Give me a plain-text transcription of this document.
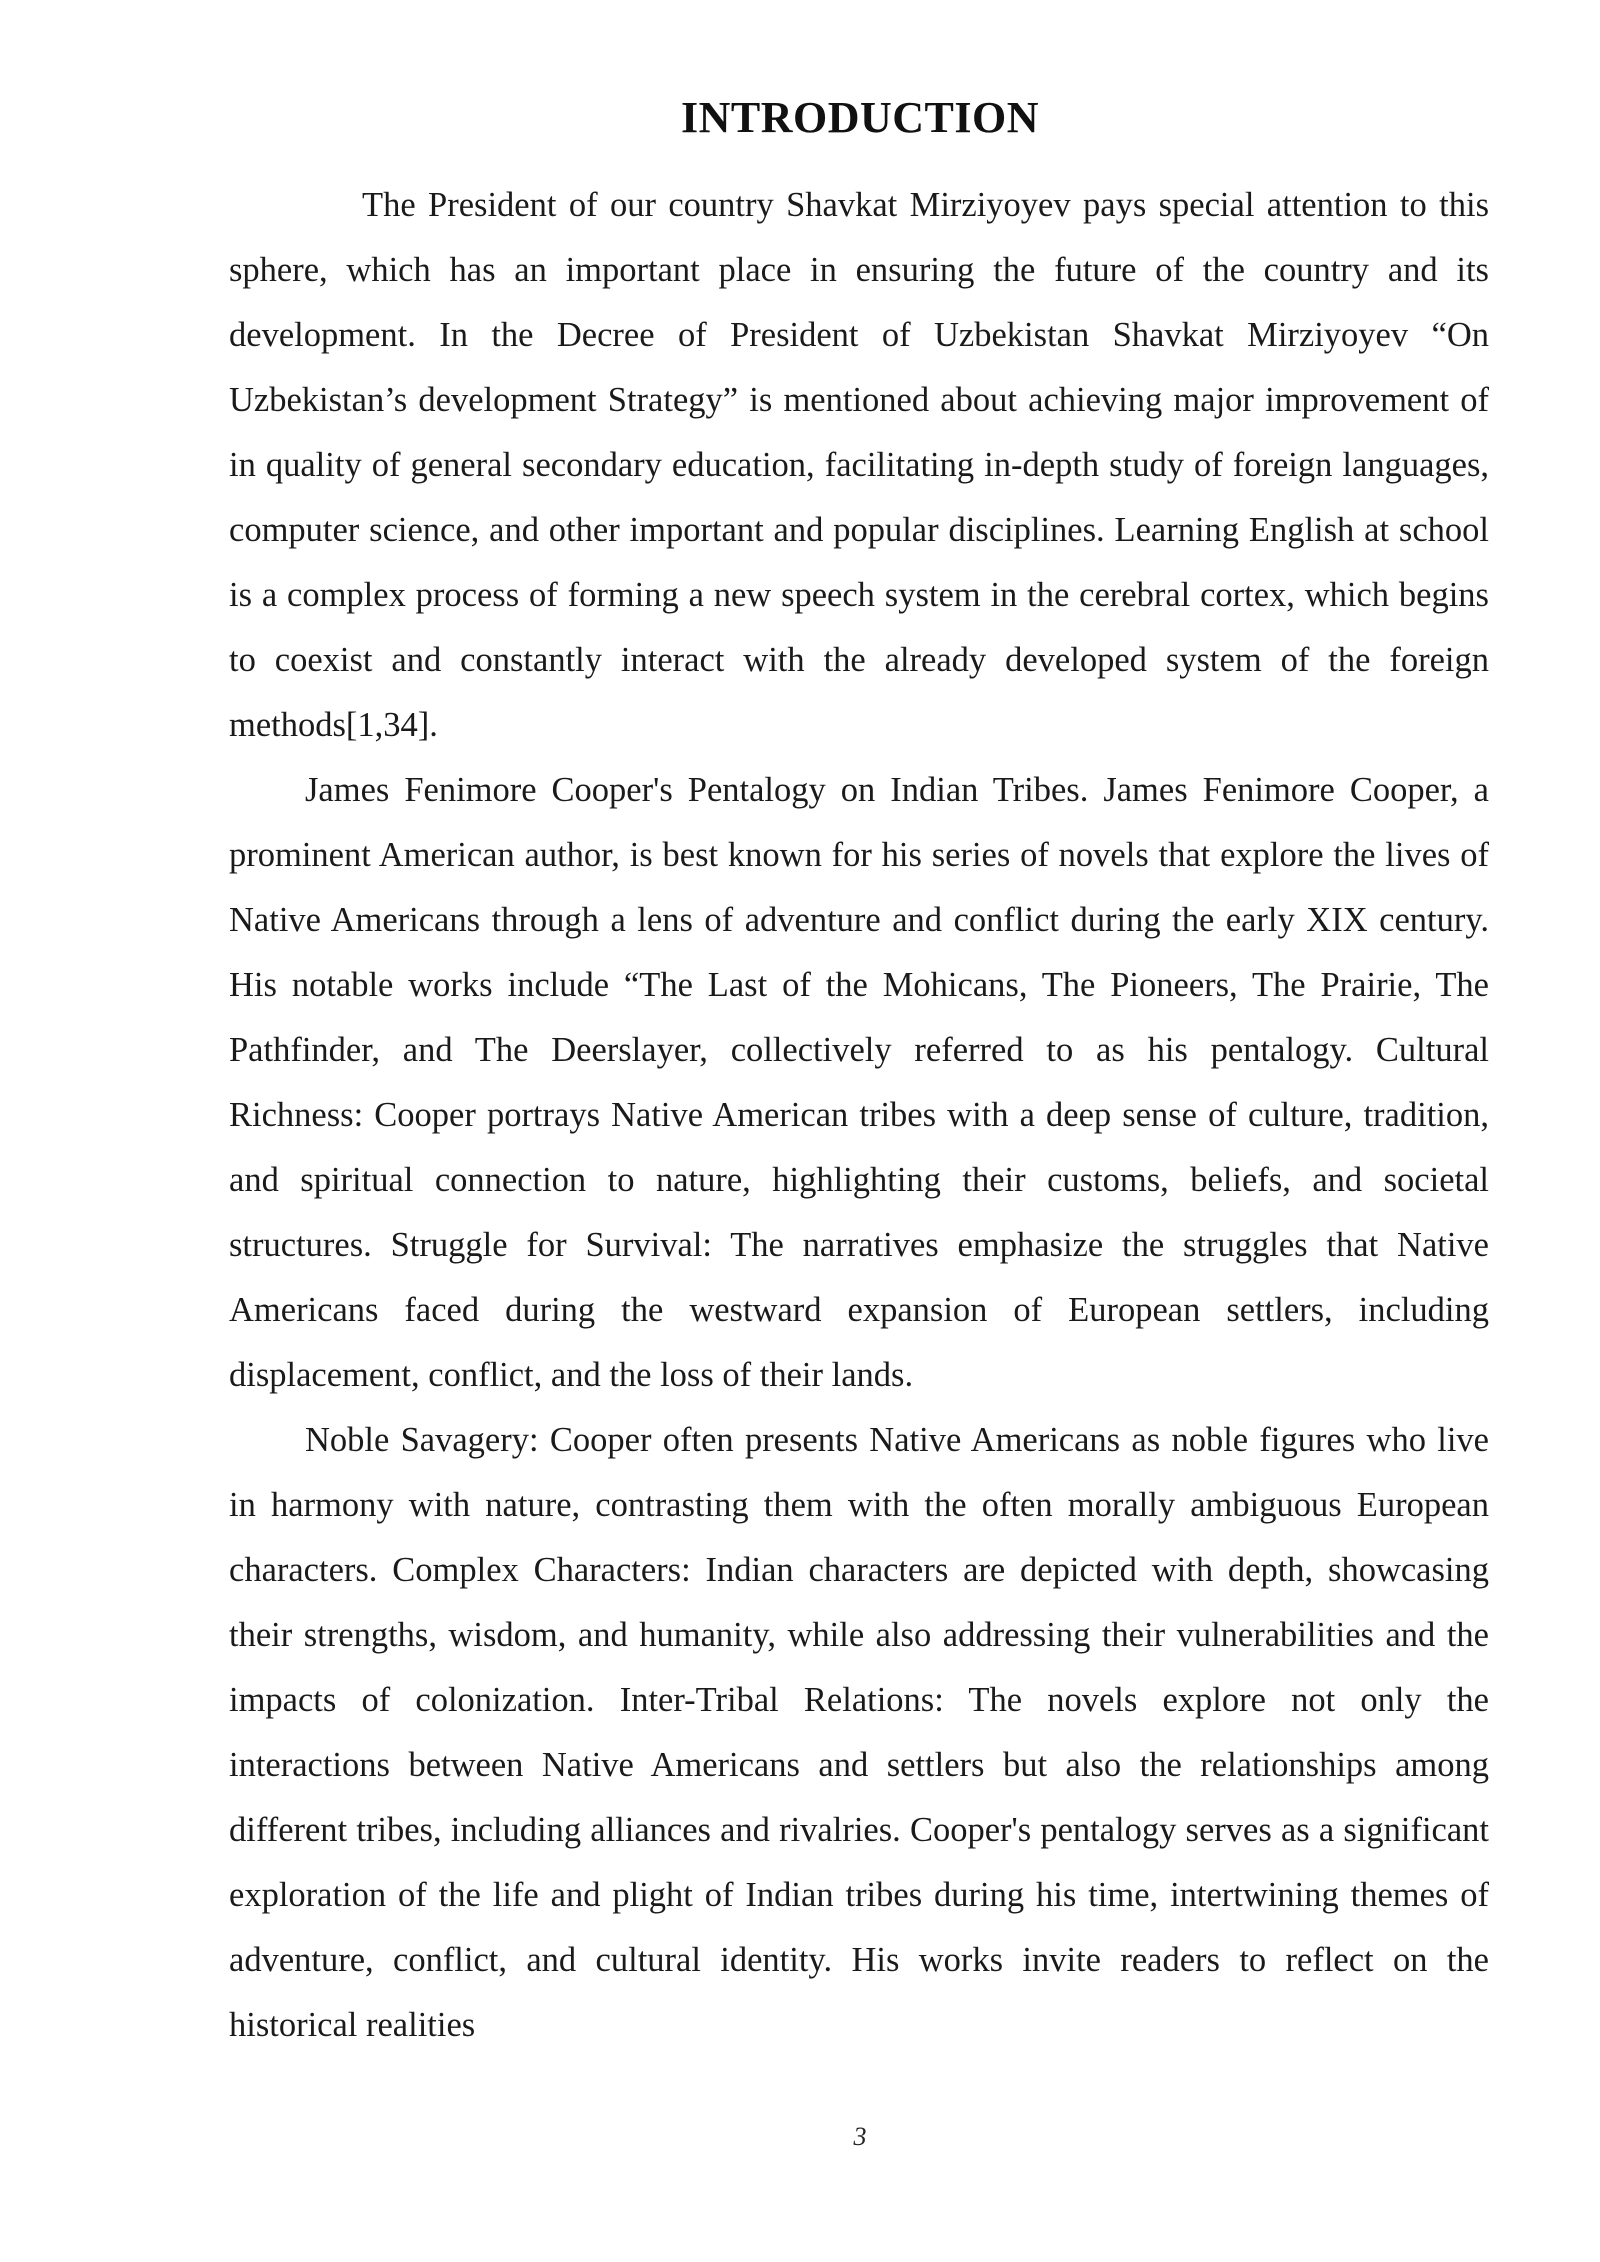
INTRODUCTION

The President of our country Shavkat Mirziyoyev pays special attention to this sphere, which has an important place in ensuring the future of the country and its development. In the Decree of President of Uzbekistan Shavkat Mirziyoyev “On Uzbekistan’s development Strategy” is mentioned about achieving major improvement of in quality of general secondary education, facilitating in-depth study of foreign languages, computer science, and other important and popular disciplines. Learning English at school is a complex process of forming a new speech system in the cerebral cortex, which begins to coexist and constantly interact with the already developed system of the foreign methods[1,34].

James Fenimore Cooper's Pentalogy on Indian Tribes. James Fenimore Cooper, a prominent American author, is best known for his series of novels that explore the lives of Native Americans through a lens of adventure and conflict during the early XIX century. His notable works include “The Last of the Mohicans, The Pioneers, The Prairie, The Pathfinder, and The Deerslayer, collectively referred to as his pentalogy. Cultural Richness: Cooper portrays Native American tribes with a deep sense of culture, tradition, and spiritual connection to nature, highlighting their customs, beliefs, and societal structures. Struggle for Survival: The narratives emphasize the struggles that Native Americans faced during the westward expansion of European settlers, including displacement, conflict, and the loss of their lands.

Noble Savagery: Cooper often presents Native Americans as noble figures who live in harmony with nature, contrasting them with the often morally ambiguous European characters. Complex Characters: Indian characters are depicted with depth, showcasing their strengths, wisdom, and humanity, while also addressing their vulnerabilities and the impacts of colonization. Inter-Tribal Relations: The novels explore not only the interactions between Native Americans and settlers but also the relationships among different tribes, including alliances and rivalries. Cooper's pentalogy serves as a significant exploration of the life and plight of Indian tribes during his time, intertwining themes of adventure, conflict, and cultural identity. His works invite readers to reflect on the historical realities

3
